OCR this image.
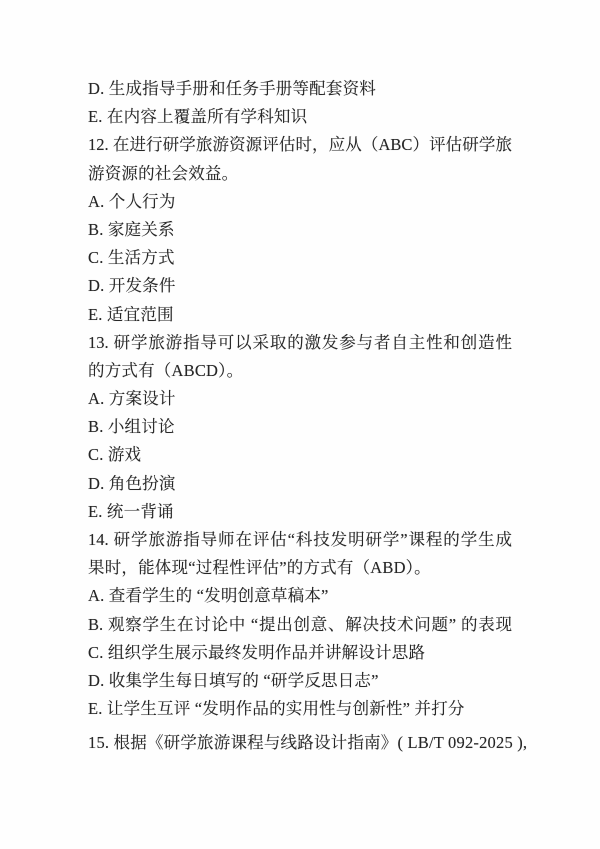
D. 生成指导手册和任务手册等配套资料
E. 在内容上覆盖所有学科知识
12. 在进行研学旅游资源评估时，应从（ABC）评估研学旅
游资源的社会效益。
A. 个人行为
B. 家庭关系
C. 生活方式
D. 开发条件
E. 适宜范围
13. 研学旅游指导可以采取的激发参与者自主性和创造性
的方式有（ABCD）。
A. 方案设计
B. 小组讨论
C. 游戏
D. 角色扮演
E. 统一背诵
14. 研学旅游指导师在评估“科技发明研学”课程的学生成
果时，能体现“过程性评估”的方式有（ABD）。
A. 查看学生的 “发明创意草稿本”
B. 观察学生在讨论中 “提出创意、解决技术问题” 的表现
C. 组织学生展示最终发明作品并讲解设计思路
D. 收集学生每日填写的 “研学反思日志”
E. 让学生互评 “发明作品的实用性与创新性” 并打分
15. 根据《研学旅游课程与线路设计指南》( LB/T 092-2025 ),
